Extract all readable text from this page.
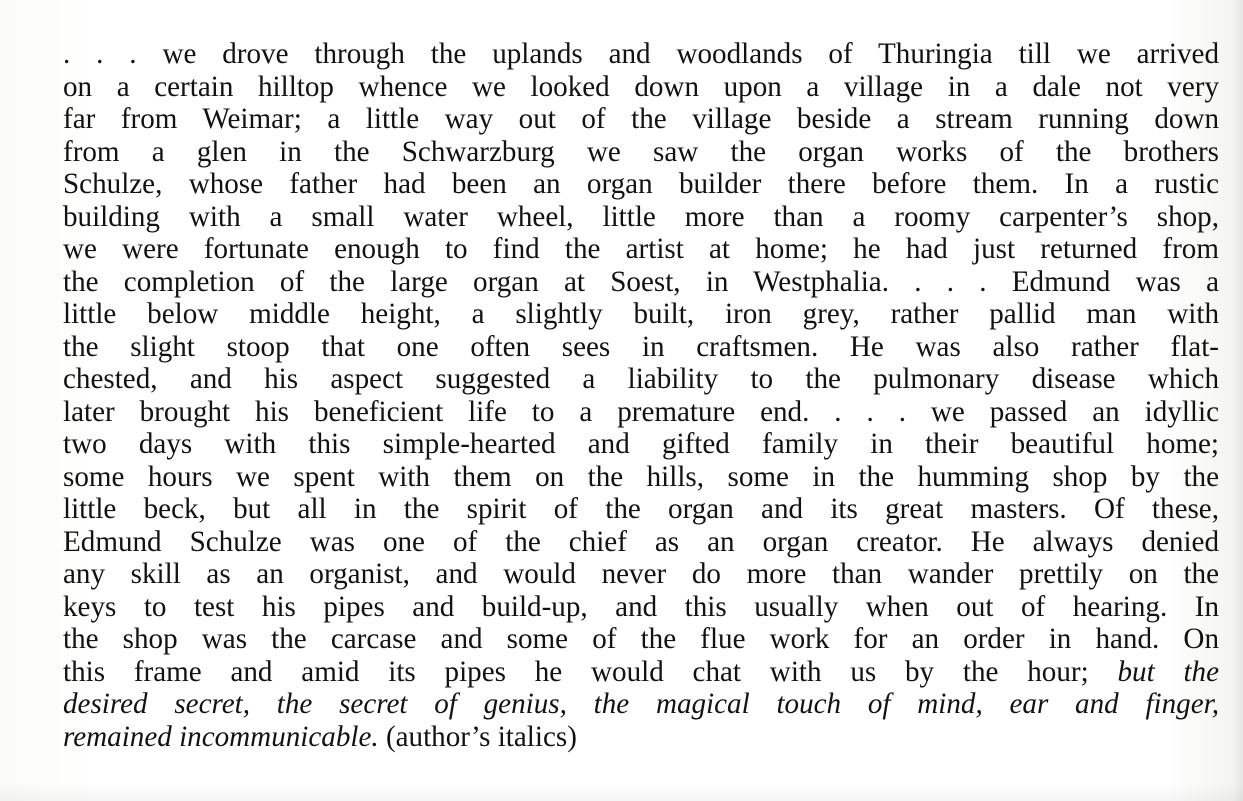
. . . we drove through the uplands and woodlands of Thuringia till we arrived
on a certain hilltop whence we looked down upon a village in a dale not very
far from Weimar; a little way out of the village beside a stream running down
from a glen in the Schwarzburg we saw the organ works of the brothers
Schulze, whose father had been an organ builder there before them. In a rustic
building with a small water wheel, little more than a roomy carpenter’s shop,
we were fortunate enough to find the artist at home; he had just returned from
the completion of the large organ at Soest, in Westphalia. . . . Edmund was a
little below middle height, a slightly built, iron grey, rather pallid man with
the slight stoop that one often sees in craftsmen. He was also rather flat-
chested, and his aspect suggested a liability to the pulmonary disease which
later brought his beneficient life to a premature end. . . . we passed an idyllic
two days with this simple-hearted and gifted family in their beautiful home;
some hours we spent with them on the hills, some in the humming shop by the
little beck, but all in the spirit of the organ and its great masters. Of these,
Edmund Schulze was one of the chief as an organ creator. He always denied
any skill as an organist, and would never do more than wander prettily on the
keys to test his pipes and build-up, and this usually when out of hearing. In
the shop was the carcase and some of the flue work for an order in hand. On
this frame and amid its pipes he would chat with us by the hour; but the
desired secret, the secret of genius, the magical touch of mind, ear and finger,
remained incommunicable. (author’s italics)
